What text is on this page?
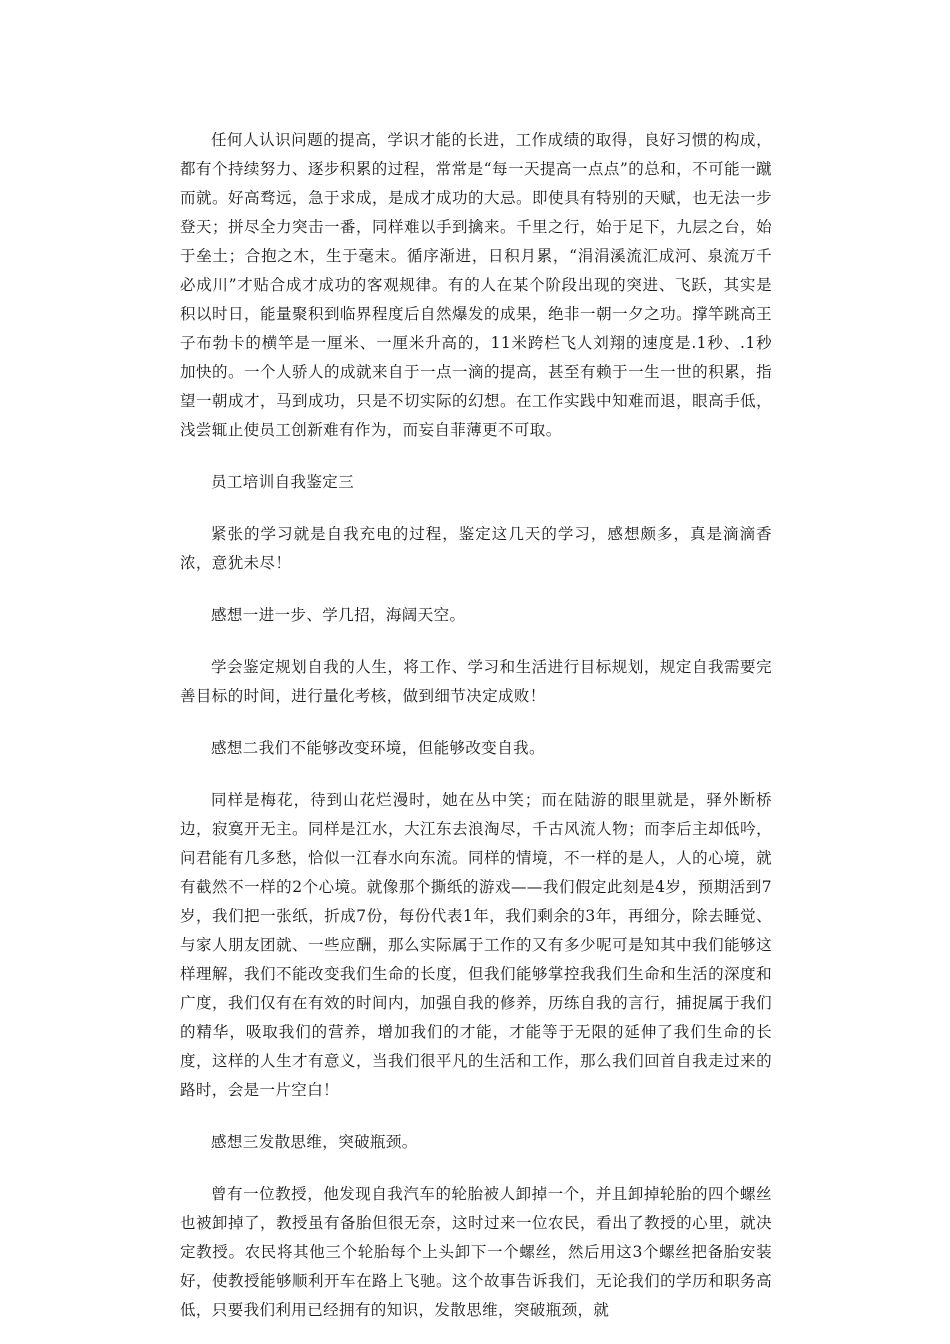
任何人认识问题的提高，学识才能的长进，工作成绩的取得，良好习惯的构成，都有个持续努力、逐步积累的过程，常常是“每一天提高一点点”的总和，不可能一蹴而就。好高骛远，急于求成，是成才成功的大忌。即使具有特别的天赋，也无法一步登天；拼尽全力突击一番，同样难以手到擒来。千里之行，始于足下，九层之台，始于垒土；合抱之木，生于毫末。循序渐进，日积月累，“涓涓溪流汇成河、泉流万千必成川”才贴合成才成功的客观规律。有的人在某个阶段出现的突进、飞跃，其实是积以时日，能量聚积到临界程度后自然爆发的成果，绝非一朝一夕之功。撑竿跳高王子布勃卡的横竿是一厘米、一厘米升高的，11米跨栏飞人刘翔的速度是.1秒、.1秒加快的。一个人骄人的成就来自于一点一滴的提高，甚至有赖于一生一世的积累，指望一朝成才，马到成功，只是不切实际的幻想。在工作实践中知难而退，眼高手低，浅尝辄止使员工创新难有作为，而妄自菲薄更不可取。

员工培训自我鉴定三

紧张的学习就是自我充电的过程，鉴定这几天的学习，感想颇多，真是滴滴香浓，意犹未尽！

感想一进一步、学几招，海阔天空。

学会鉴定规划自我的人生，将工作、学习和生活进行目标规划，规定自我需要完善目标的时间，进行量化考核，做到细节决定成败！

感想二我们不能够改变环境，但能够改变自我。

同样是梅花，待到山花烂漫时，她在丛中笑；而在陆游的眼里就是，驿外断桥边，寂寞开无主。同样是江水，大江东去浪淘尽，千古风流人物；而李后主却低吟，问君能有几多愁，恰似一江春水向东流。同样的情境，不一样的是人，人的心境，就有截然不一样的2个心境。就像那个撕纸的游戏——我们假定此刻是4岁，预期活到7岁，我们把一张纸，折成7份，每份代表1年，我们剩余的3年，再细分，除去睡觉、与家人朋友团就、一些应酬，那么实际属于工作的又有多少呢可是知其中我们能够这样理解，我们不能改变我们生命的长度，但我们能够掌控我我们生命和生活的深度和广度，我们仅有在有效的时间内，加强自我的修养，历练自我的言行，捕捉属于我们的精华，吸取我们的营养，增加我们的才能，才能等于无限的延伸了我们生命的长度，这样的人生才有意义，当我们很平凡的生活和工作，那么我们回首自我走过来的路时，会是一片空白！

感想三发散思维，突破瓶颈。

曾有一位教授，他发现自我汽车的轮胎被人卸掉一个，并且卸掉轮胎的四个螺丝也被卸掉了，教授虽有备胎但很无奈，这时过来一位农民，看出了教授的心里，就决定教授。农民将其他三个轮胎每个上头卸下一个螺丝，然后用这3个螺丝把备胎安装好，使教授能够顺利开车在路上飞驰。这个故事告诉我们，无论我们的学历和职务高低，只要我们利用已经拥有的知识，发散思维，突破瓶颈，就
